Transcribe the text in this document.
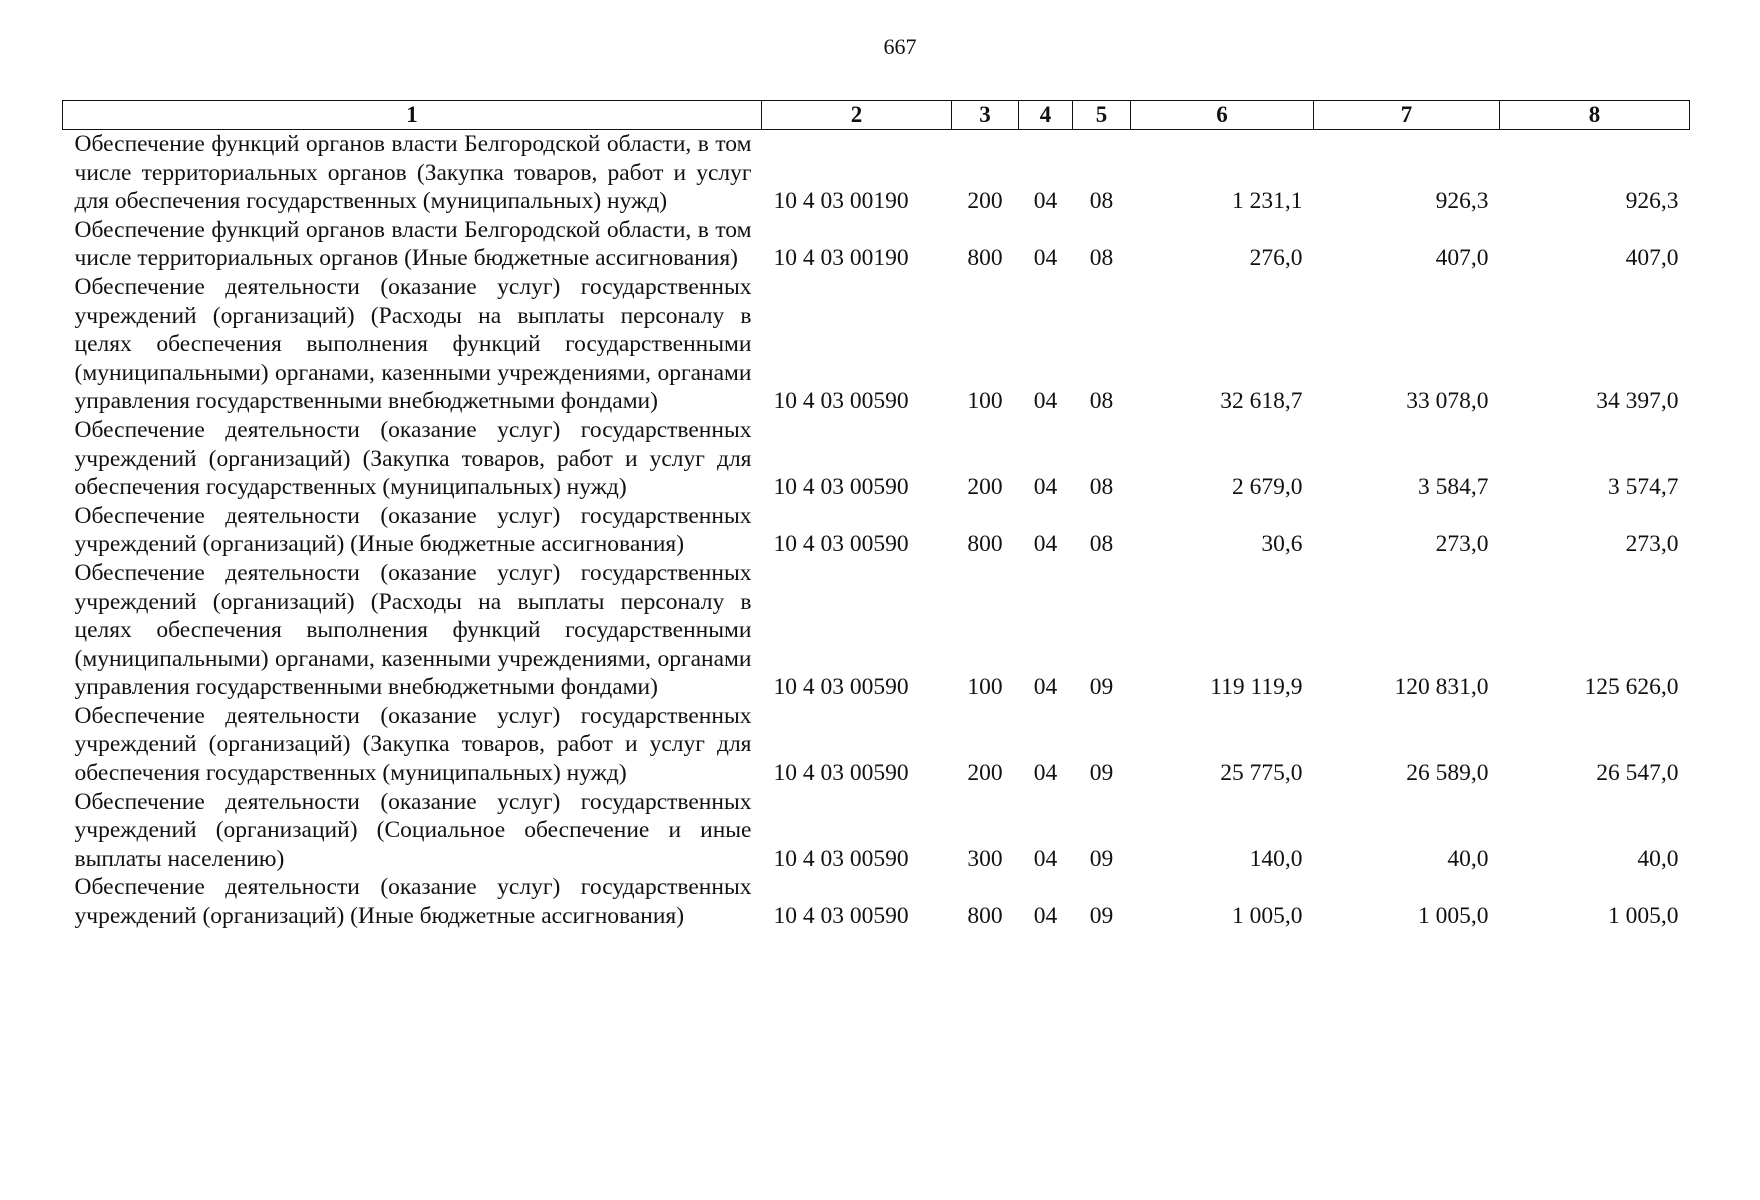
667
1	2	3	4	5	6	7	8
Обеспечение функций органов власти Белгородской области, в том числе территориальных органов (Закупка товаров, работ и услуг для обеспечения государственных (муниципальных) нужд)	10 4 03 00190	200	04	08	1 231,1	926,3	926,3
Обеспечение функций органов власти Белгородской области, в том числе территориальных органов (Иные бюджетные ассигнования)	10 4 03 00190	800	04	08	276,0	407,0	407,0
Обеспечение деятельности (оказание услуг) государственных учреждений (организаций) (Расходы на выплаты персоналу в целях обеспечения выполнения функций государственными (муниципальными) органами, казенными учреждениями, органами управления государственными внебюджетными фондами)	10 4 03 00590	100	04	08	32 618,7	33 078,0	34 397,0
Обеспечение деятельности (оказание услуг) государственных учреждений (организаций) (Закупка товаров, работ и услуг для обеспечения государственных (муниципальных) нужд)	10 4 03 00590	200	04	08	2 679,0	3 584,7	3 574,7
Обеспечение деятельности (оказание услуг) государственных учреждений (организаций) (Иные бюджетные ассигнования)	10 4 03 00590	800	04	08	30,6	273,0	273,0
Обеспечение деятельности (оказание услуг) государственных учреждений (организаций) (Расходы на выплаты персоналу в целях обеспечения выполнения функций государственными (муниципальными) органами, казенными учреждениями, органами управления государственными внебюджетными фондами)	10 4 03 00590	100	04	09	119 119,9	120 831,0	125 626,0
Обеспечение деятельности (оказание услуг) государственных учреждений (организаций) (Закупка товаров, работ и услуг для обеспечения государственных (муниципальных) нужд)	10 4 03 00590	200	04	09	25 775,0	26 589,0	26 547,0
Обеспечение деятельности (оказание услуг) государственных учреждений (организаций) (Социальное обеспечение и иные выплаты населению)	10 4 03 00590	300	04	09	140,0	40,0	40,0
Обеспечение деятельности (оказание услуг) государственных учреждений (организаций) (Иные бюджетные ассигнования)	10 4 03 00590	800	04	09	1 005,0	1 005,0	1 005,0
